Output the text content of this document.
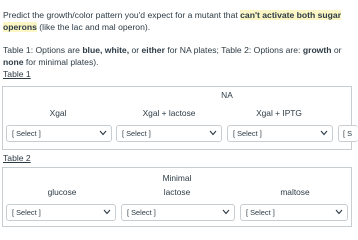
Predict the growth/color pattern you'd expect for a mutant that can't activate both sugar operons (like the lac and mal operon).
Table 1: Options are blue, white, or either for NA plates; Table 2: Options are: growth or none for minimal plates).
Table 1
NA
Xgal	Xgal + lactose	Xgal + IPTG
[ Select ]	[ Select ]	[ Select ]	[ S
Table 2
Minimal
glucose	lactose	maltose
[ Select ]	[ Select ]	[ Select ]
